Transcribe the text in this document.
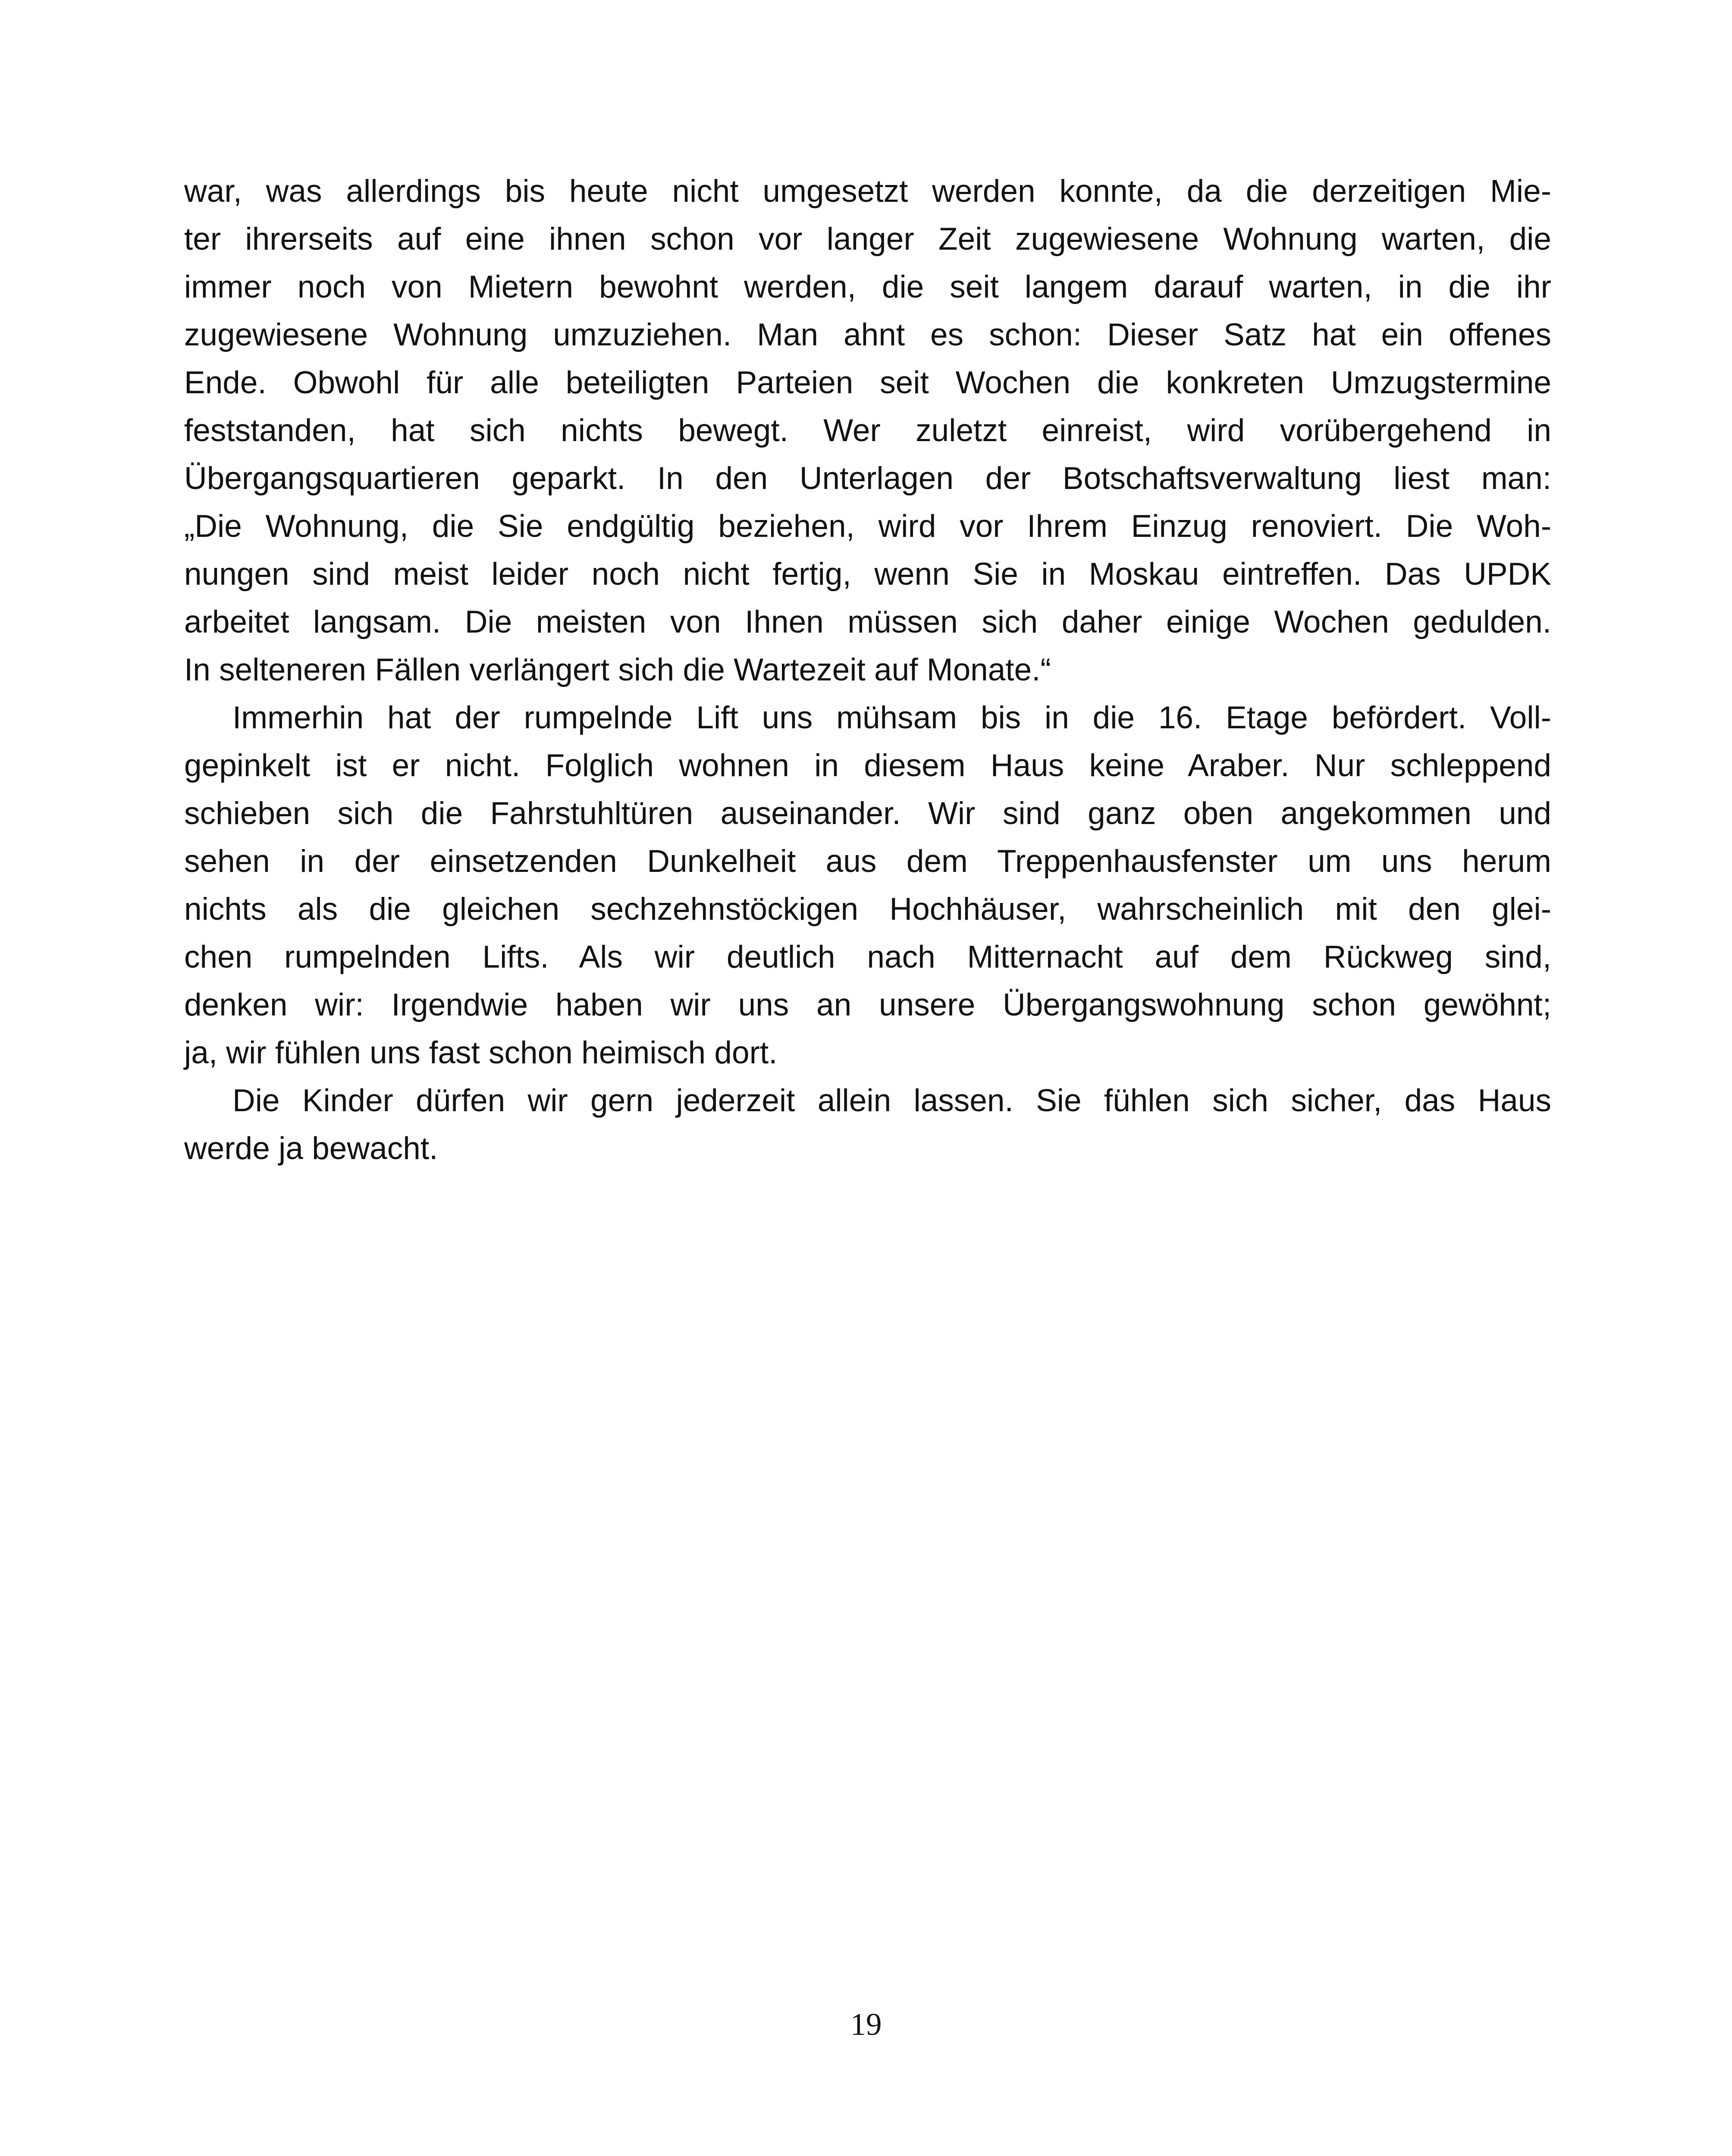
war, was allerdings bis heute nicht umgesetzt werden konnte, da die derzeitigen Mie-
ter ihrerseits auf eine ihnen schon vor langer Zeit zugewiesene Wohnung warten, die
immer noch von Mietern bewohnt werden, die seit langem darauf warten, in die ihr
zugewiesene Wohnung umzuziehen. Man ahnt es schon: Dieser Satz hat ein offenes
Ende. Obwohl für alle beteiligten Parteien seit Wochen die konkreten Umzugstermine
feststanden, hat sich nichts bewegt. Wer zuletzt einreist, wird vorübergehend in
Übergangsquartieren geparkt. In den Unterlagen der Botschaftsverwaltung liest man:
„Die Wohnung, die Sie endgültig beziehen, wird vor Ihrem Einzug renoviert. Die Woh-
nungen sind meist leider noch nicht fertig, wenn Sie in Moskau eintreffen. Das UPDK
arbeitet langsam. Die meisten von Ihnen müssen sich daher einige Wochen gedulden.
In selteneren Fällen verlängert sich die Wartezeit auf Monate.“
Immerhin hat der rumpelnde Lift uns mühsam bis in die 16. Etage befördert. Voll-
gepinkelt ist er nicht. Folglich wohnen in diesem Haus keine Araber. Nur schleppend
schieben sich die Fahrstuhltüren auseinander. Wir sind ganz oben angekommen und
sehen in der einsetzenden Dunkelheit aus dem Treppenhausfenster um uns herum
nichts als die gleichen sechzehnstöckigen Hochhäuser, wahrscheinlich mit den glei-
chen rumpelnden Lifts. Als wir deutlich nach Mitternacht auf dem Rückweg sind,
denken wir: Irgendwie haben wir uns an unsere Übergangswohnung schon gewöhnt;
ja, wir fühlen uns fast schon heimisch dort.
Die Kinder dürfen wir gern jederzeit allein lassen. Sie fühlen sich sicher, das Haus
werde ja bewacht.
19
